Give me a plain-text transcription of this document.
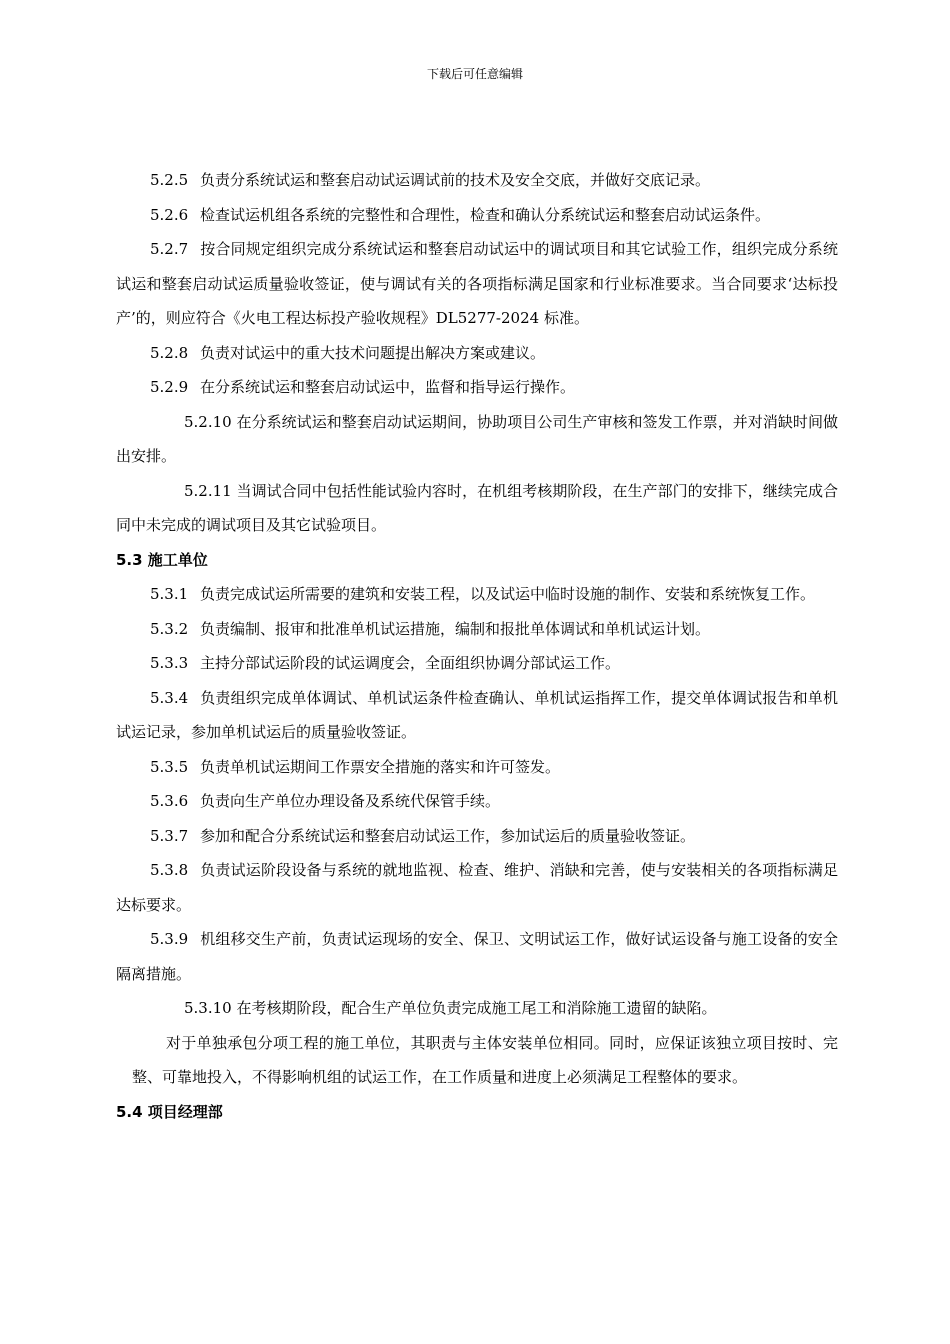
下载后可任意编辑

5.2.5 负责分系统试运和整套启动试运调试前的技术及安全交底，并做好交底记录。

5.2.6 检查试运机组各系统的完整性和合理性，检查和确认分系统试运和整套启动试运条件。

5.2.7 按合同规定组织完成分系统试运和整套启动试运中的调试项目和其它试验工作，组织完成分系统试运和整套启动试运质量验收签证，使与调试有关的各项指标满足国家和行业标准要求。当合同要求‘达标投产’的，则应符合《火电工程达标投产验收规程》DL5277-2024 标准。

5.2.8 负责对试运中的重大技术问题提出解决方案或建议。

5.2.9 在分系统试运和整套启动试运中，监督和指导运行操作。

5.2.10 在分系统试运和整套启动试运期间，协助项目公司生产审核和签发工作票，并对消缺时间做出安排。

5.2.11 当调试合同中包括性能试验内容时，在机组考核期阶段，在生产部门的安排下，继续完成合同中未完成的调试项目及其它试验项目。

5.3 施工单位

5.3.1 负责完成试运所需要的建筑和安装工程，以及试运中临时设施的制作、安装和系统恢复工作。

5.3.2 负责编制、报审和批准单机试运措施，编制和报批单体调试和单机试运计划。

5.3.3 主持分部试运阶段的试运调度会，全面组织协调分部试运工作。

5.3.4 负责组织完成单体调试、单机试运条件检查确认、单机试运指挥工作，提交单体调试报告和单机试运记录，参加单机试运后的质量验收签证。

5.3.5 负责单机试运期间工作票安全措施的落实和许可签发。

5.3.6 负责向生产单位办理设备及系统代保管手续。

5.3.7 参加和配合分系统试运和整套启动试运工作，参加试运后的质量验收签证。

5.3.8 负责试运阶段设备与系统的就地监视、检查、维护、消缺和完善，使与安装相关的各项指标满足达标要求。

5.3.9 机组移交生产前，负责试运现场的安全、保卫、文明试运工作，做好试运设备与施工设备的安全隔离措施。

5.3.10 在考核期阶段，配合生产单位负责完成施工尾工和消除施工遗留的缺陷。

对于单独承包分项工程的施工单位，其职责与主体安装单位相同。同时，应保证该独立项目按时、完整、可靠地投入，不得影响机组的试运工作，在工作质量和进度上必须满足工程整体的要求。

5.4 项目经理部
